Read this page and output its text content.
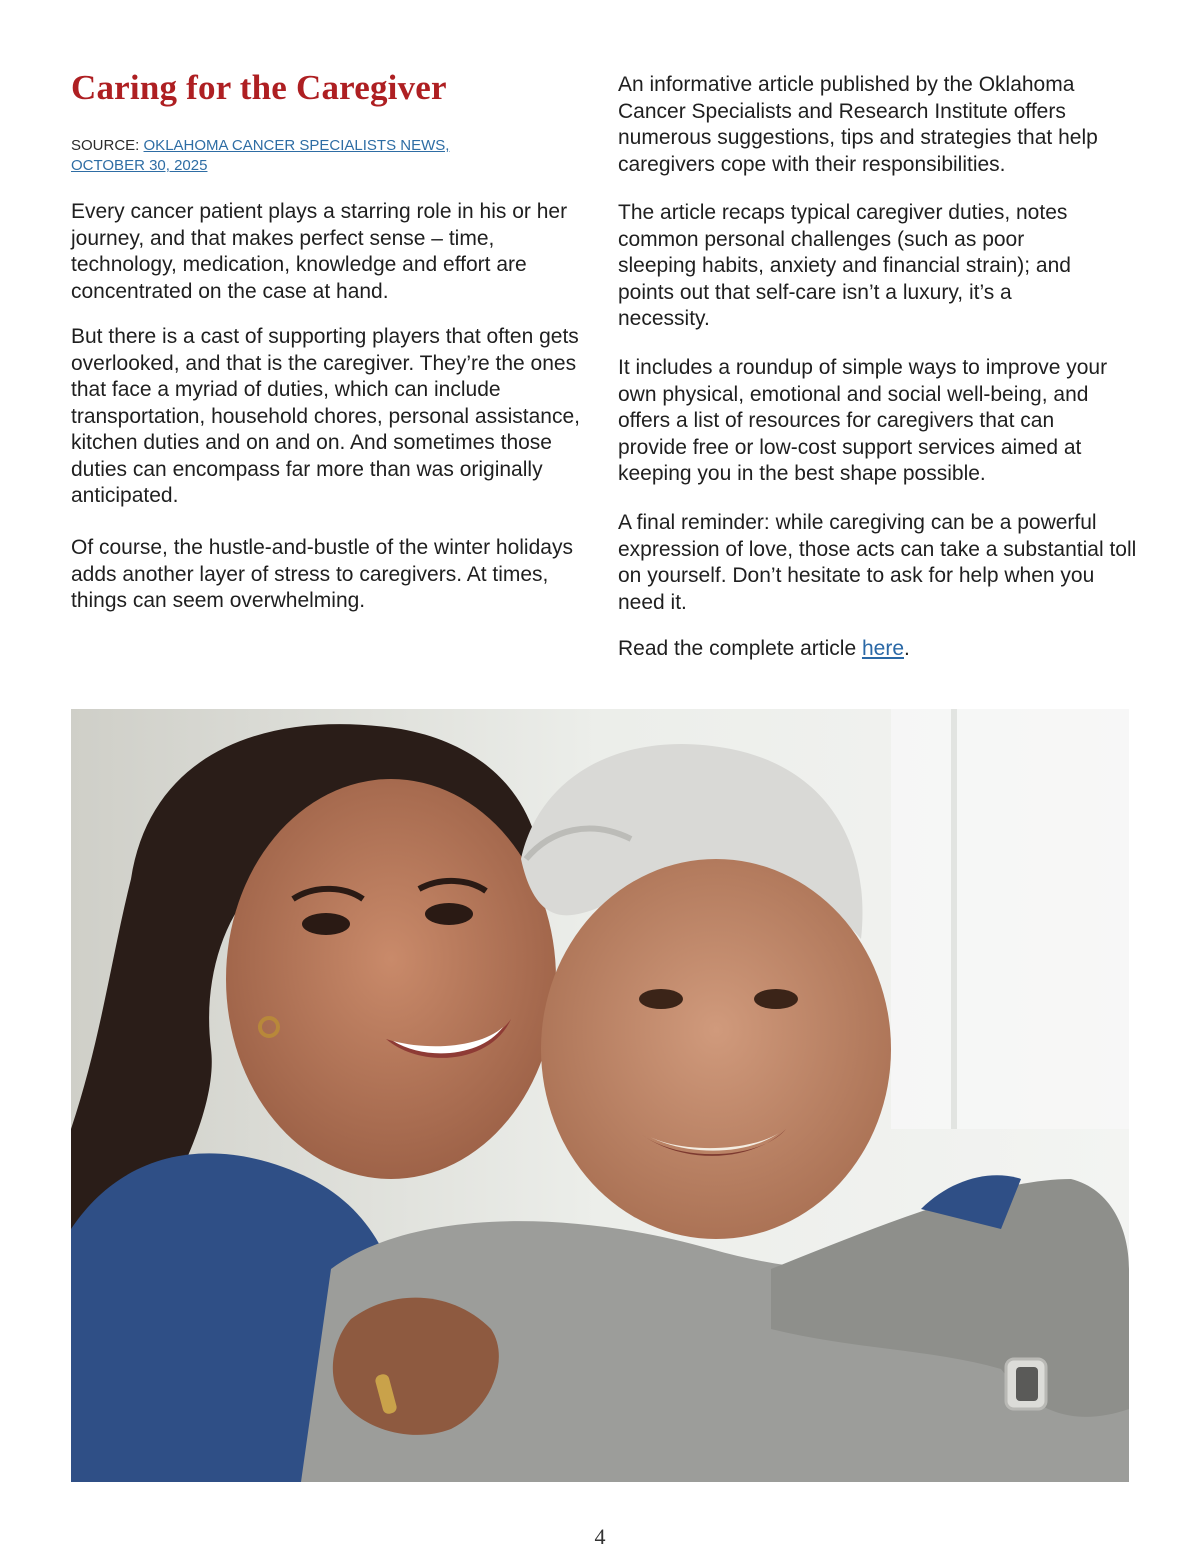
Caring for the Caregiver
SOURCE: OKLAHOMA CANCER SPECIALISTS NEWS,
OCTOBER 30, 2025

Every cancer patient plays a starring role in his or her journey, and that makes perfect sense – time, technology, medication, knowledge and effort are concentrated on the case at hand.

But there is a cast of supporting players that often gets overlooked, and that is the caregiver. They’re the ones that face a myriad of duties, which can include transportation, household chores, personal assistance, kitchen duties and on and on. And sometimes those duties can encompass far more than was originally anticipated.

Of course, the hustle-and-bustle of the winter holidays adds another layer of stress to caregivers. At times, things can seem overwhelming.

An informative article published by the Oklahoma Cancer Specialists and Research Institute offers numerous suggestions, tips and strategies that help caregivers cope with their responsibilities.

The article recaps typical caregiver duties, notes common personal challenges (such as poor sleeping habits, anxiety and financial strain); and points out that self-care isn’t a luxury, it’s a necessity.

It includes a roundup of simple ways to improve your own physical, emotional and social well-being, and offers a list of resources for caregivers that can provide free or low-cost support services aimed at keeping you in the best shape possible.

A final reminder: while caregiving can be a powerful expression of love, those acts can take a substantial toll on yourself. Don’t hesitate to ask for help when you need it.

Read the complete article here.

4
